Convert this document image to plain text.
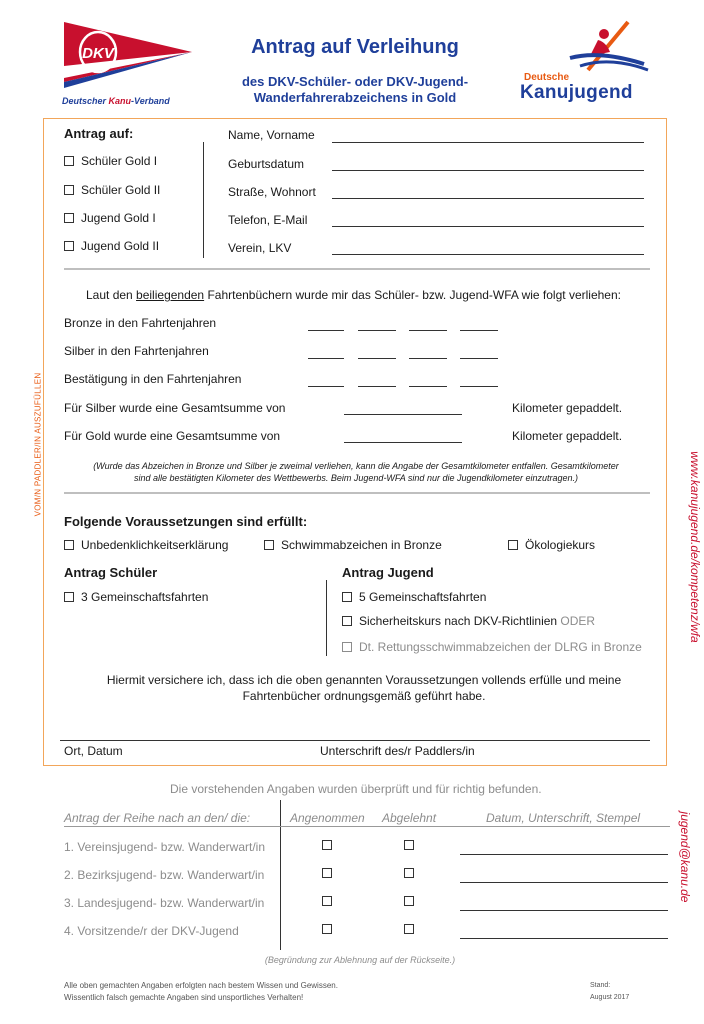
DKV
Deutscher Kanu-Verband
Antrag auf Verleihung
des DKV-Schüler- oder DKV-Jugend-
Wanderfahrerabzeichens in Gold
Deutsche
Kanujugend
VOM/N PADDLER/IN AUSZUFÜLLEN
www.kanujugend.de/kompetenz/wfa
jugend@kanu.de
Antrag auf:
Schüler Gold I
Schüler Gold II
Jugend Gold I
Jugend Gold II
Name, Vorname
Geburtsdatum
Straße, Wohnort
Telefon, E-Mail
Verein, LKV
Laut den beiliegenden Fahrtenbüchern wurde mir das Schüler- bzw. Jugend-WFA wie folgt verliehen:
Bronze in den Fahrtenjahren
Silber in den Fahrtenjahren
Bestätigung in den Fahrtenjahren
Für Silber wurde eine Gesamtsumme von	Kilometer gepaddelt.
Für Gold wurde eine Gesamtsumme von	Kilometer gepaddelt.
(Wurde das Abzeichen in Bronze und Silber je zweimal verliehen, kann die Angabe der Gesamtkilometer entfallen. Gesamtkilometer
sind alle bestätigten Kilometer des Wettbewerbs. Beim Jugend-WFA sind nur die Jugendkilometer einzutragen.)
Folgende Voraussetzungen sind erfüllt:
Unbedenklichkeitserklärung	Schwimmabzeichen in Bronze	Ökologiekurs
Antrag Schüler
3 Gemeinschaftsfahrten
Antrag Jugend
5 Gemeinschaftsfahrten
Sicherheitskurs nach DKV-Richtlinien ODER
Dt. Rettungsschwimmabzeichen der DLRG in Bronze
Hiermit versichere ich, dass ich die oben genannten Voraussetzungen vollends erfülle und meine
Fahrtenbücher ordnungsgemäß geführt habe.
Ort, Datum	Unterschrift des/r Paddlers/in
Die vorstehenden Angaben wurden überprüft und für richtig befunden.
Antrag der Reihe nach an den/ die:	Angenommen Abgelehnt	Datum, Unterschrift, Stempel
1. Vereinsjugend- bzw. Wanderwart/in
2. Bezirksjugend- bzw. Wanderwart/in
3. Landesjugend- bzw. Wanderwart/in
4. Vorsitzende/r der DKV-Jugend
(Begründung zur Ablehnung auf der Rückseite.)
Alle oben gemachten Angaben erfolgten nach bestem Wissen und Gewissen.
Wissentlich falsch gemachte Angaben sind unsportliches Verhalten!
Stand:
August 2017
